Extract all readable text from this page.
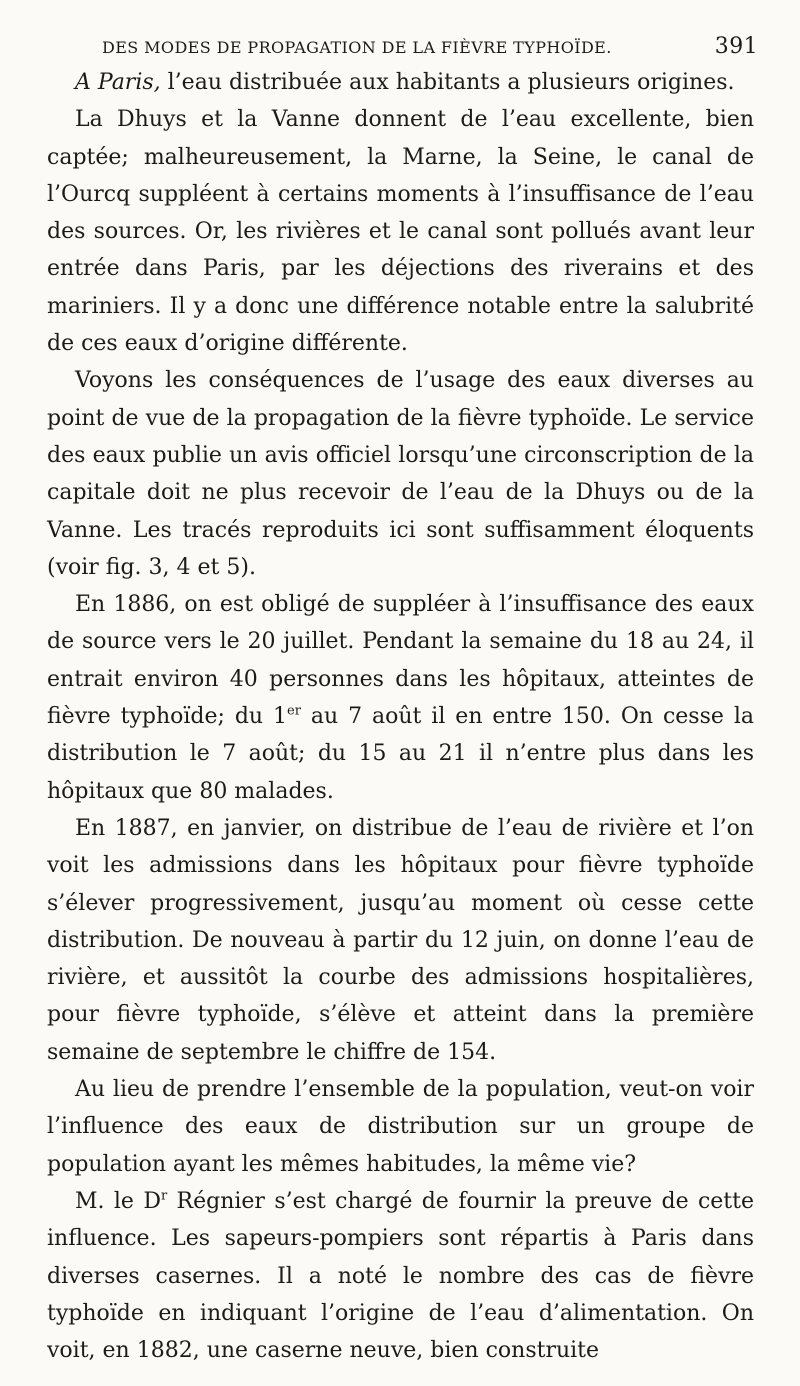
DES MODES DE PROPAGATION DE LA FIÈVRE TYPHOÏDE.	391

A Paris, l’eau distribuée aux habitants a plusieurs origines.

La Dhuys et la Vanne donnent de l’eau excellente, bien captée; malheureusement, la Marne, la Seine, le canal de l’Ourcq suppléent à certains moments à l’insuffisance de l’eau des sources. Or, les rivières et le canal sont pollués avant leur entrée dans Paris, par les déjections des riverains et des mariniers. Il y a donc une différence notable entre la salubrité de ces eaux d’origine différente.

Voyons les conséquences de l’usage des eaux diverses au point de vue de la propagation de la fièvre typhoïde. Le service des eaux publie un avis officiel lorsqu’une circonscription de la capitale doit ne plus recevoir de l’eau de la Dhuys ou de la Vanne. Les tracés reproduits ici sont suffisamment éloquents (voir fig. 3, 4 et 5).

En 1886, on est obligé de suppléer à l’insuffisance des eaux de source vers le 20 juillet. Pendant la semaine du 18 au 24, il entrait environ 40 personnes dans les hôpitaux, atteintes de fièvre typhoïde; du 1er au 7 août il en entre 150. On cesse la distribution le 7 août; du 15 au 21 il n’entre plus dans les hôpitaux que 80 malades.

En 1887, en janvier, on distribue de l’eau de rivière et l’on voit les admissions dans les hôpitaux pour fièvre typhoïde s’élever progressivement, jusqu’au moment où cesse cette distribution. De nouveau à partir du 12 juin, on donne l’eau de rivière, et aussitôt la courbe des admissions hospitalières, pour fièvre typhoïde, s’élève et atteint dans la première semaine de septembre le chiffre de 154.

Au lieu de prendre l’ensemble de la population, veut-on voir l’influence des eaux de distribution sur un groupe de population ayant les mêmes habitudes, la même vie?

M. le $D^r$ Régnier s’est chargé de fournir la preuve de cette influence. Les sapeurs-pompiers sont répartis à Paris dans diverses casernes. Il a noté le nombre des cas de fièvre typhoïde en indiquant l’origine de l’eau d’alimentation. On voit, en 1882, une caserne neuve, bien construite
